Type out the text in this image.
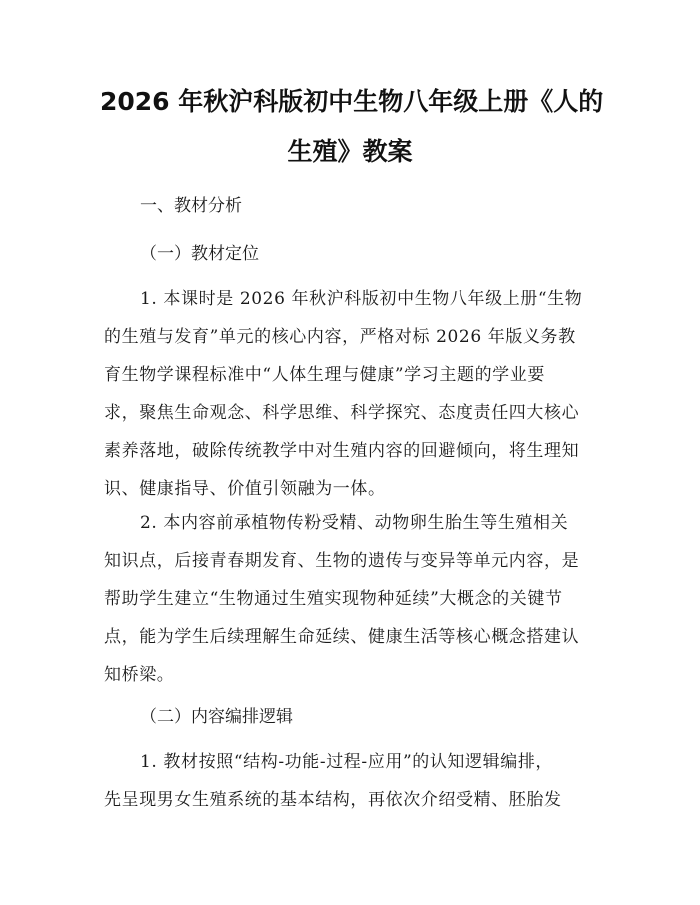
2026 年秋沪科版初中生物八年级上册《人的
生殖》教案
一、教材分析
（一）教材定位
1. 本课时是 2026 年秋沪科版初中生物八年级上册“生物
的生殖与发育”单元的核心内容，严格对标 2026 年版义务教
育生物学课程标准中“人体生理与健康”学习主题的学业要
求，聚焦生命观念、科学思维、科学探究、态度责任四大核心
素养落地，破除传统教学中对生殖内容的回避倾向，将生理知
识、健康指导、价值引领融为一体。
2. 本内容前承植物传粉受精、动物卵生胎生等生殖相关
知识点，后接青春期发育、生物的遗传与变异等单元内容，是
帮助学生建立“生物通过生殖实现物种延续”大概念的关键节
点，能为学生后续理解生命延续、健康生活等核心概念搭建认
知桥梁。
（二）内容编排逻辑
1. 教材按照“结构-功能-过程-应用”的认知逻辑编排，
先呈现男女生殖系统的基本结构，再依次介绍受精、胚胎发
